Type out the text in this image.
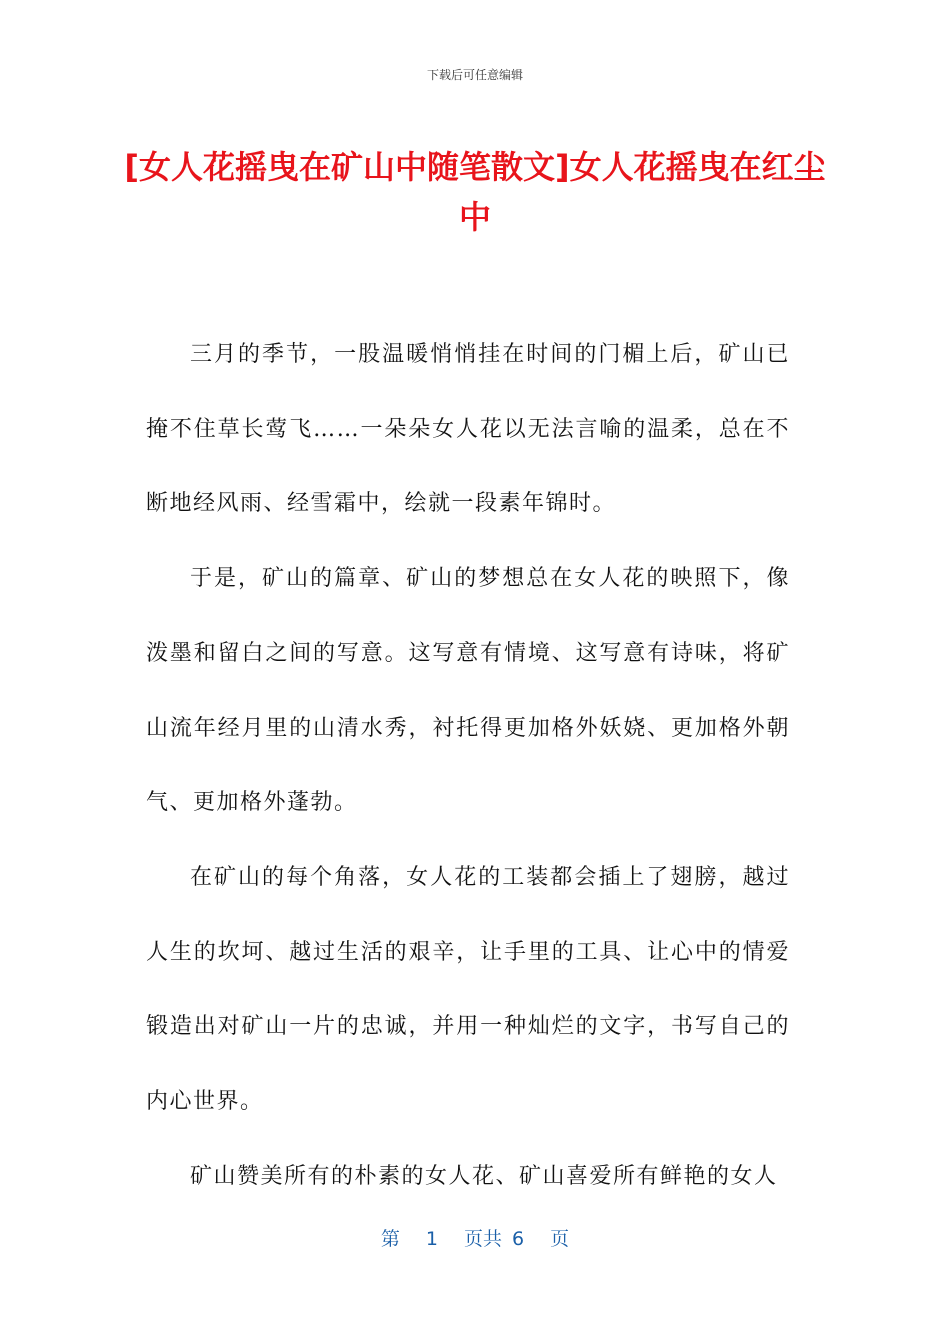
下载后可任意编辑
[女人花摇曳在矿山中随笔散文]女人花摇曳在红尘中

三月的季节，一股温暖悄悄挂在时间的门楣上后，矿山已掩不住草长莺飞……一朵朵女人花以无法言喻的温柔，总在不断地经风雨、经雪霜中，绘就一段素年锦时。

于是，矿山的篇章、矿山的梦想总在女人花的映照下，像泼墨和留白之间的写意。这写意有情境、这写意有诗味，将矿山流年经月里的山清水秀，衬托得更加格外妖娆、更加格外朝气、更加格外蓬勃。

在矿山的每个角落，女人花的工装都会插上了翅膀，越过人生的坎坷、越过生活的艰辛，让手里的工具、让心中的情爱锻造出对矿山一片的忠诚，并用一种灿烂的文字，书写自己的内心世界。

矿山赞美所有的朴素的女人花、矿山喜爱所有鲜艳的女人

第 1 页共 6 页
